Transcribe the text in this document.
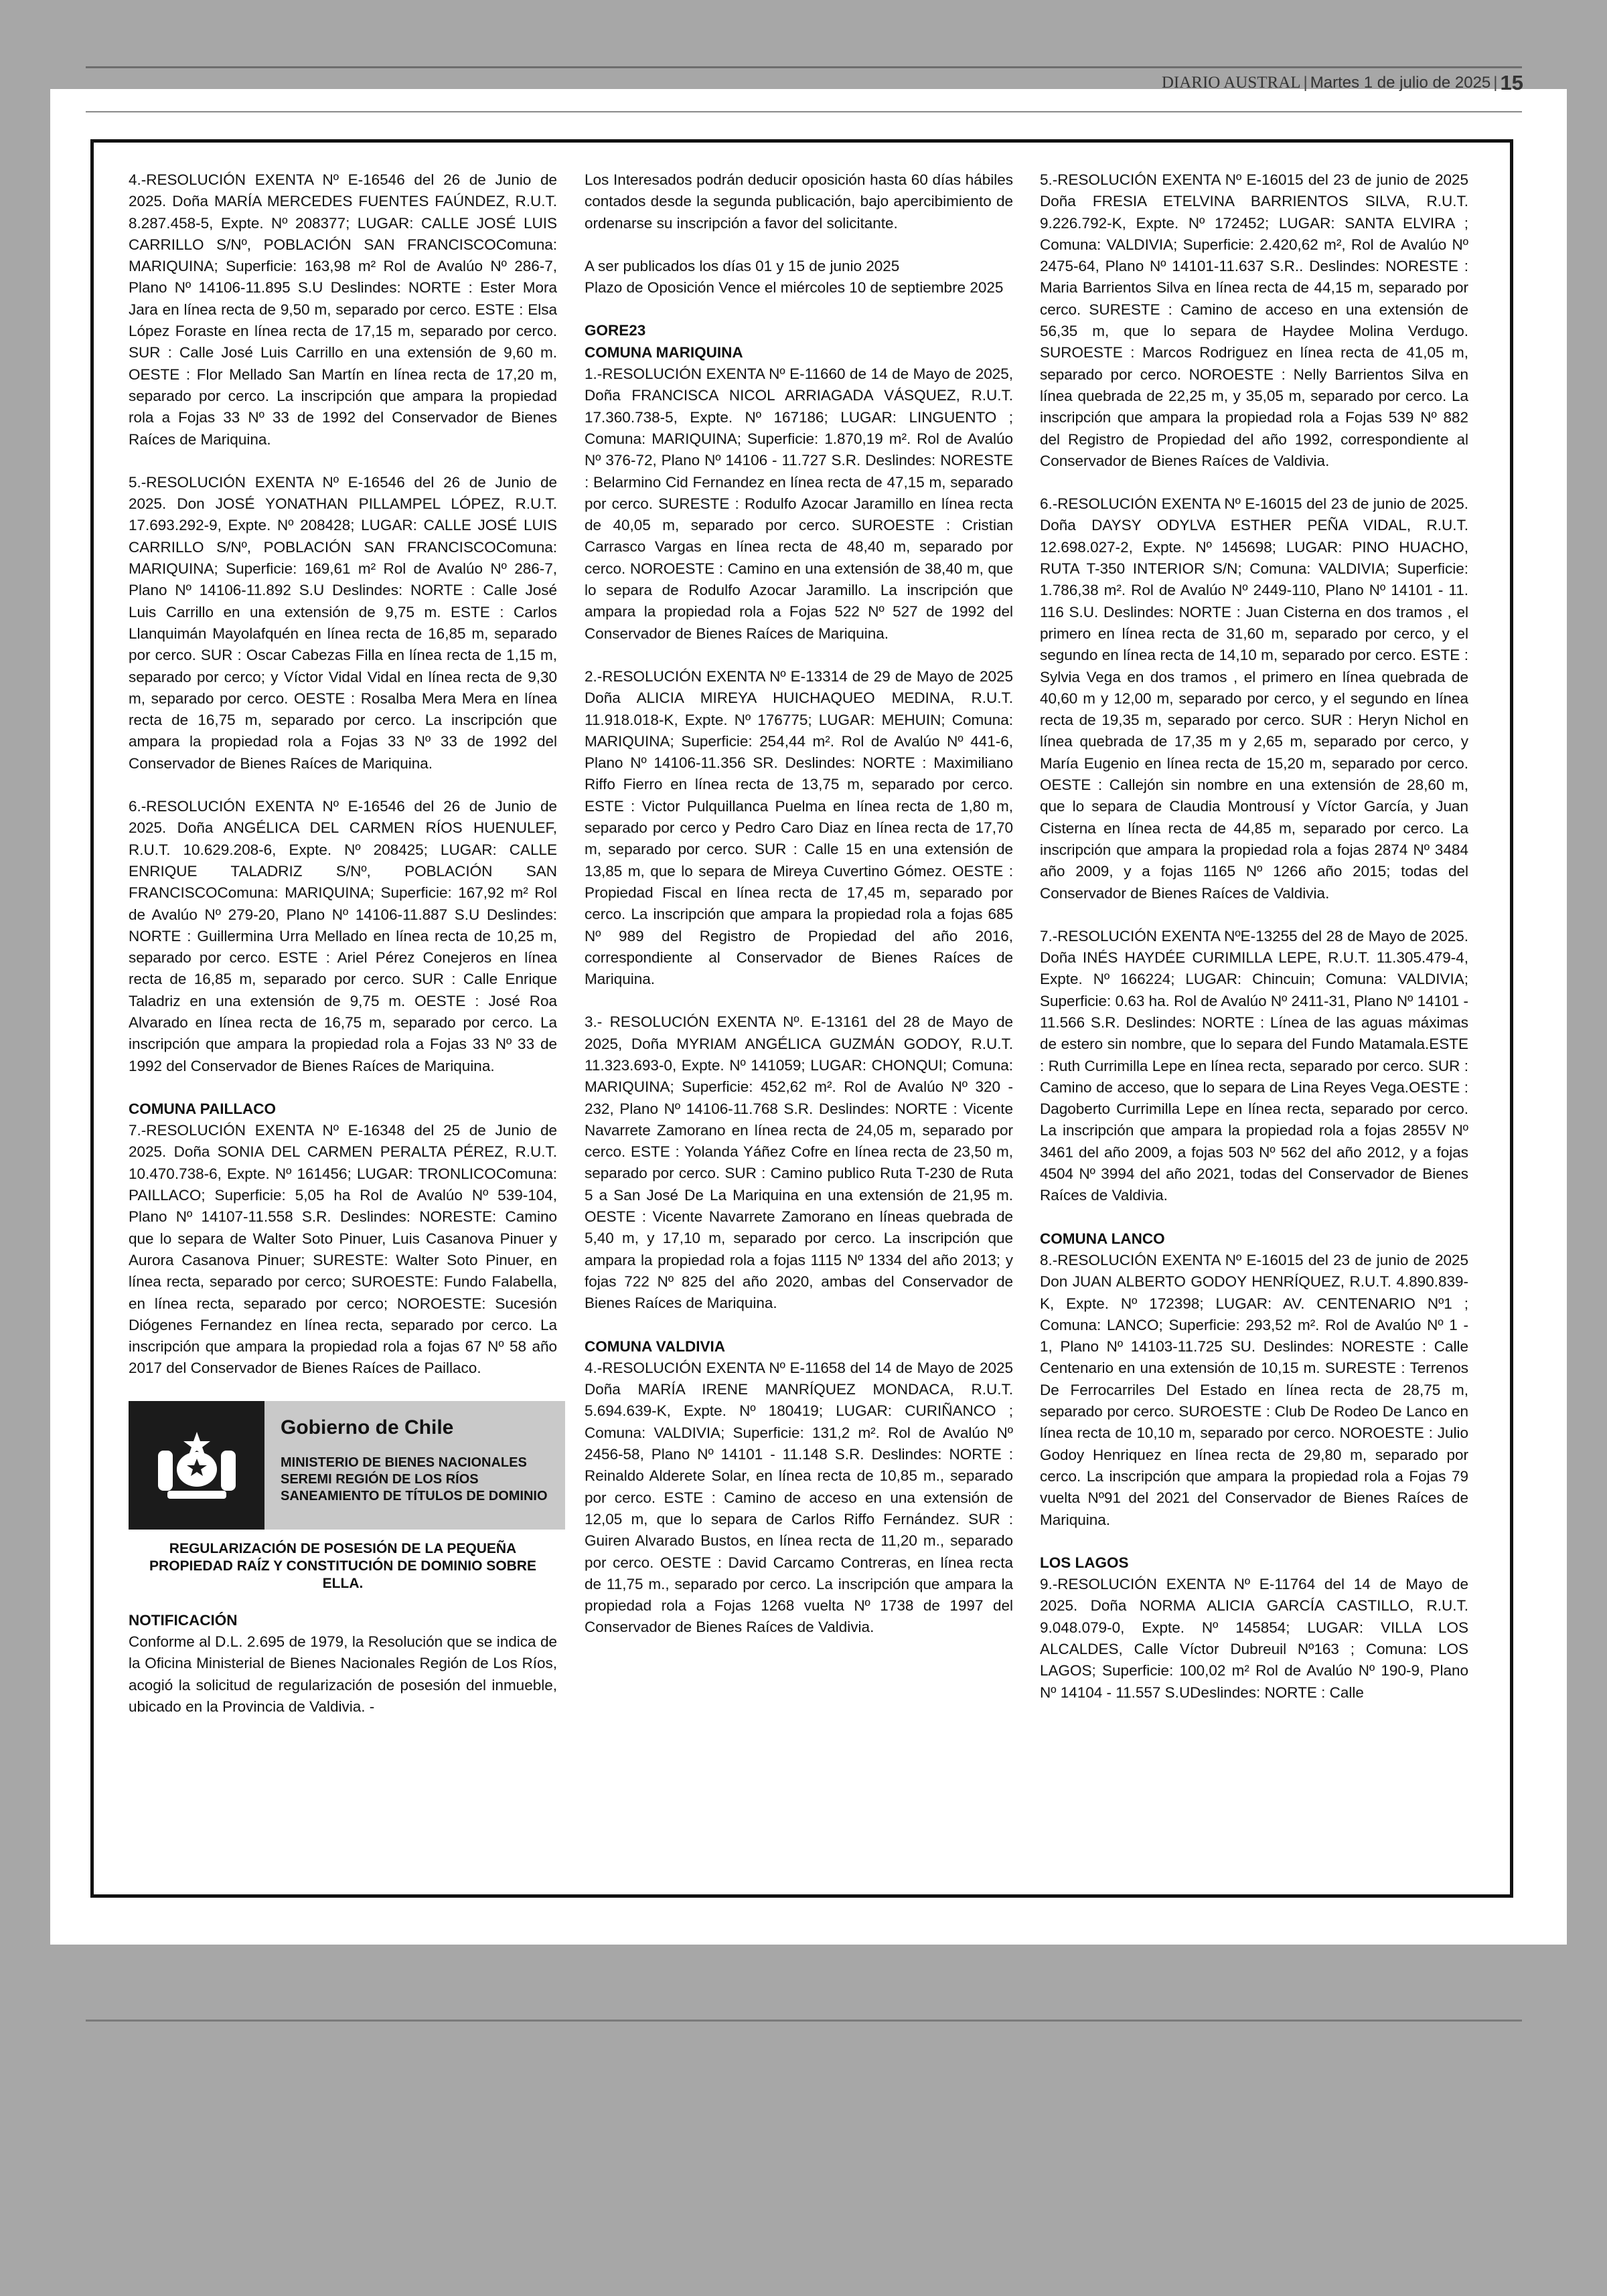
DIARIO AUSTRAL | Martes 1 de julio de 2025 | 15

4.-RESOLUCIÓN EXENTA Nº E-16546 del 26 de Junio de 2025. Doña MARÍA MERCEDES FUENTES FAÚNDEZ, R.U.T. 8.287.458-5, Expte. Nº 208377; LUGAR: CALLE JOSÉ LUIS CARRILLO S/Nº, POBLACIÓN SAN FRANCISCOComuna: MARIQUINA; Superficie: 163,98 m² Rol de Avalúo Nº 286-7, Plano Nº 14106-11.895 S.U Deslindes: NORTE : Ester Mora Jara en línea recta de 9,50 m, separado por cerco. ESTE : Elsa López Foraste en línea recta de 17,15 m, separado por cerco. SUR : Calle José Luis Carrillo en una extensión de 9,60 m. OESTE : Flor Mellado San Martín en línea recta de 17,20 m, separado por cerco. La inscripción que ampara la propiedad rola a Fojas 33 Nº 33 de 1992 del Conservador de Bienes Raíces de Mariquina.

5.-RESOLUCIÓN EXENTA Nº E-16546 del 26 de Junio de 2025. Don JOSÉ YONATHAN PILLAMPEL LÓPEZ, R.U.T. 17.693.292-9, Expte. Nº 208428; LUGAR: CALLE JOSÉ LUIS CARRILLO S/Nº, POBLACIÓN SAN FRANCISCOComuna: MARIQUINA; Superficie: 169,61 m² Rol de Avalúo Nº 286-7, Plano Nº 14106-11.892 S.U Deslindes: NORTE : Calle José Luis Carrillo en una extensión de 9,75 m. ESTE : Carlos Llanquimán Mayolafquén en línea recta de 16,85 m, separado por cerco. SUR : Oscar Cabezas Filla en línea recta de 1,15 m, separado por cerco; y Víctor Vidal Vidal en línea recta de 9,30 m, separado por cerco. OESTE : Rosalba Mera Mera en línea recta de 16,75 m, separado por cerco. La inscripción que ampara la propiedad rola a Fojas 33 Nº 33 de 1992 del Conservador de Bienes Raíces de Mariquina.

6.-RESOLUCIÓN EXENTA Nº E-16546 del 26 de Junio de 2025. Doña ANGÉLICA DEL CARMEN RÍOS HUENULEF, R.U.T. 10.629.208-6, Expte. Nº 208425; LUGAR: CALLE ENRIQUE TALADRIZ S/Nº, POBLACIÓN SAN FRANCISCOComuna: MARIQUINA; Superficie: 167,92 m² Rol de Avalúo Nº 279-20, Plano Nº 14106-11.887 S.U Deslindes: NORTE : Guillermina Urra Mellado en línea recta de 10,25 m, separado por cerco. ESTE : Ariel Pérez Conejeros en línea recta de 16,85 m, separado por cerco. SUR : Calle Enrique Taladriz en una extensión de 9,75 m. OESTE : José Roa Alvarado en línea recta de 16,75 m, separado por cerco. La inscripción que ampara la propiedad rola a Fojas 33 Nº 33 de 1992 del Conservador de Bienes Raíces de Mariquina.

COMUNA PAILLACO

7.-RESOLUCIÓN EXENTA Nº E-16348 del 25 de Junio de 2025. Doña SONIA DEL CARMEN PERALTA PÉREZ, R.U.T. 10.470.738-6, Expte. Nº 161456; LUGAR: TRONLICOComuna: PAILLACO; Superficie: 5,05 ha Rol de Avalúo Nº 539-104, Plano Nº 14107-11.558 S.R. Deslindes: NORESTE: Camino que lo separa de Walter Soto Pinuer, Luis Casanova Pinuer y Aurora Casanova Pinuer; SURESTE: Walter Soto Pinuer, en línea recta, separado por cerco; SUROESTE: Fundo Falabella, en línea recta, separado por cerco; NOROESTE: Sucesión Diógenes Fernandez en línea recta, separado por cerco. La inscripción que ampara la propiedad rola a fojas 67 Nº 58 año 2017 del Conservador de Bienes Raíces de Paillaco.

Gobierno de Chile
MINISTERIO DE BIENES NACIONALES
SEREMI REGIÓN DE LOS RÍOS
SANEAMIENTO DE TÍTULOS DE DOMINIO
REGULARIZACIÓN DE POSESIÓN DE LA PEQUEÑA PROPIEDAD RAÍZ Y CONSTITUCIÓN DE DOMINIO SOBRE ELLA.
NOTIFICACIÓN

Conforme al D.L. 2.695 de 1979, la Resolución que se indica de la Oficina Ministerial de Bienes Nacionales Región de Los Ríos, acogió la solicitud de regularización de posesión del inmueble, ubicado en la Provincia de Valdivia. -

Los Interesados podrán deducir oposición hasta 60 días hábiles contados desde la segunda publicación, bajo apercibimiento de ordenarse su inscripción a favor del solicitante.

A ser publicados los días 01 y 15 de junio 2025

Plazo de Oposición Vence el miércoles 10 de septiembre 2025

GORE23

COMUNA MARIQUINA

1.-RESOLUCIÓN EXENTA Nº E-11660 de 14 de Mayo de 2025, Doña FRANCISCA NICOL ARRIAGADA VÁSQUEZ, R.U.T. 17.360.738-5, Expte. Nº 167186; LUGAR: LINGUENTO ; Comuna: MARIQUINA; Superficie: 1.870,19 m². Rol de Avalúo Nº 376-72, Plano Nº 14106 - 11.727 S.R. Deslindes: NORESTE : Belarmino Cid Fernandez en línea recta de 47,15 m, separado por cerco. SURESTE : Rodulfo Azocar Jaramillo en línea recta de 40,05 m, separado por cerco. SUROESTE : Cristian Carrasco Vargas en línea recta de 48,40 m, separado por cerco. NOROESTE : Camino en una extensión de 38,40 m, que lo separa de Rodulfo Azocar Jaramillo. La inscripción que ampara la propiedad rola a Fojas 522 Nº 527 de 1992 del Conservador de Bienes Raíces de Mariquina.

2.-RESOLUCIÓN EXENTA Nº E-13314 de 29 de Mayo de 2025 Doña ALICIA MIREYA HUICHAQUEO MEDINA, R.U.T. 11.918.018-K, Expte. Nº 176775; LUGAR: MEHUIN; Comuna: MARIQUINA; Superficie: 254,44 m². Rol de Avalúo Nº 441-6, Plano Nº 14106-11.356 SR. Deslindes: NORTE : Maximiliano Riffo Fierro en línea recta de 13,75 m, separado por cerco. ESTE : Victor Pulquillanca Puelma en línea recta de 1,80 m, separado por cerco y Pedro Caro Diaz en línea recta de 17,70 m, separado por cerco. SUR : Calle 15 en una extensión de 13,85 m, que lo separa de Mireya Cuvertino Gómez. OESTE : Propiedad Fiscal en línea recta de 17,45 m, separado por cerco. La inscripción que ampara la propiedad rola a fojas 685 Nº 989 del Registro de Propiedad del año 2016, correspondiente al Conservador de Bienes Raíces de Mariquina.

3.- RESOLUCIÓN EXENTA Nº. E-13161 del 28 de Mayo de 2025, Doña MYRIAM ANGÉLICA GUZMÁN GODOY, R.U.T. 11.323.693-0, Expte. Nº 141059; LUGAR: CHONQUI; Comuna: MARIQUINA; Superficie: 452,62 m². Rol de Avalúo Nº 320 - 232, Plano Nº 14106-11.768 S.R. Deslindes: NORTE : Vicente Navarrete Zamorano en línea recta de 24,05 m, separado por cerco. ESTE : Yolanda Yáñez Cofre en línea recta de 23,50 m, separado por cerco. SUR : Camino publico Ruta T-230 de Ruta 5 a San José De La Mariquina en una extensión de 21,95 m. OESTE : Vicente Navarrete Zamorano en líneas quebrada de 5,40 m, y 17,10 m, separado por cerco. La inscripción que ampara la propiedad rola a fojas 1115 Nº 1334 del año 2013; y fojas 722 Nº 825 del año 2020, ambas del Conservador de Bienes Raíces de Mariquina.

COMUNA VALDIVIA

4.-RESOLUCIÓN EXENTA Nº E-11658 del 14 de Mayo de 2025 Doña MARÍA IRENE MANRÍQUEZ MONDACA, R.U.T. 5.694.639-K, Expte. Nº 180419; LUGAR: CURIÑANCO ; Comuna: VALDIVIA; Superficie: 131,2 m². Rol de Avalúo Nº 2456-58, Plano Nº 14101 - 11.148 S.R. Deslindes: NORTE : Reinaldo Alderete Solar, en línea recta de 10,85 m., separado por cerco. ESTE : Camino de acceso en una extensión de 12,05 m, que lo separa de Carlos Riffo Fernández. SUR : Guiren Alvarado Bustos, en línea recta de 11,20 m., separado por cerco. OESTE : David Carcamo Contreras, en línea recta de 11,75 m., separado por cerco. La inscripción que ampara la propiedad rola a Fojas 1268 vuelta Nº 1738 de 1997 del Conservador de Bienes Raíces de Valdivia.

5.-RESOLUCIÓN EXENTA Nº E-16015 del 23 de junio de 2025 Doña FRESIA ETELVINA BARRIENTOS SILVA, R.U.T. 9.226.792-K, Expte. Nº 172452; LUGAR: SANTA ELVIRA ; Comuna: VALDIVIA; Superficie: 2.420,62 m², Rol de Avalúo Nº 2475-64, Plano Nº 14101-11.637 S.R.. Deslindes: NORESTE : Maria Barrientos Silva en línea recta de 44,15 m, separado por cerco. SURESTE : Camino de acceso en una extensión de 56,35 m, que lo separa de Haydee Molina Verdugo. SUROESTE : Marcos Rodriguez en línea recta de 41,05 m, separado por cerco. NOROESTE : Nelly Barrientos Silva en línea quebrada de 22,25 m, y 35,05 m, separado por cerco. La inscripción que ampara la propiedad rola a Fojas 539 Nº 882 del Registro de Propiedad del año 1992, correspondiente al Conservador de Bienes Raíces de Valdivia.

6.-RESOLUCIÓN EXENTA Nº E-16015 del 23 de junio de 2025. Doña DAYSY ODYLVA ESTHER PEÑA VIDAL, R.U.T. 12.698.027-2, Expte. Nº 145698; LUGAR: PINO HUACHO, RUTA T-350 INTERIOR S/N; Comuna: VALDIVIA; Superficie: 1.786,38 m². Rol de Avalúo Nº 2449-110, Plano Nº 14101 - 11. 116 S.U. Deslindes: NORTE : Juan Cisterna en dos tramos , el primero en línea recta de 31,60 m, separado por cerco, y el segundo en línea recta de 14,10 m, separado por cerco. ESTE : Sylvia Vega en dos tramos , el primero en línea quebrada de 40,60 m y 12,00 m, separado por cerco, y el segundo en línea recta de 19,35 m, separado por cerco. SUR : Heryn Nichol en línea quebrada de 17,35 m y 2,65 m, separado por cerco, y María Eugenio en línea recta de 15,20 m, separado por cerco. OESTE : Callejón sin nombre en una extensión de 28,60 m, que lo separa de Claudia Montrousí y Víctor García, y Juan Cisterna en línea recta de 44,85 m, separado por cerco. La inscripción que ampara la propiedad rola a fojas 2874 Nº 3484 año 2009, y a fojas 1165 Nº 1266 año 2015; todas del Conservador de Bienes Raíces de Valdivia.

7.-RESOLUCIÓN EXENTA NºE-13255 del 28 de Mayo de 2025. Doña INÉS HAYDÉE CURIMILLA LEPE, R.U.T. 11.305.479-4, Expte. Nº 166224; LUGAR: Chincuin; Comuna: VALDIVIA; Superficie: 0.63 ha. Rol de Avalúo Nº 2411-31, Plano Nº 14101 - 11.566 S.R. Deslindes: NORTE : Línea de las aguas máximas de estero sin nombre, que lo separa del Fundo Matamala.ESTE : Ruth Currimilla Lepe en línea recta, separado por cerco. SUR : Camino de acceso, que lo separa de Lina Reyes Vega.OESTE : Dagoberto Currimilla Lepe en línea recta, separado por cerco. La inscripción que ampara la propiedad rola a fojas 2855V Nº 3461 del año 2009, a fojas 503 Nº 562 del año 2012, y a fojas 4504 Nº 3994 del año 2021, todas del Conservador de Bienes Raíces de Valdivia.

COMUNA LANCO

8.-RESOLUCIÓN EXENTA Nº E-16015 del 23 de junio de 2025 Don JUAN ALBERTO GODOY HENRÍQUEZ, R.U.T. 4.890.839-K, Expte. Nº 172398; LUGAR: AV. CENTENARIO Nº1 ; Comuna: LANCO; Superficie: 293,52 m². Rol de Avalúo Nº 1 - 1, Plano Nº 14103-11.725 SU. Deslindes: NORESTE : Calle Centenario en una extensión de 10,15 m. SURESTE : Terrenos De Ferrocarriles Del Estado en línea recta de 28,75 m, separado por cerco. SUROESTE : Club De Rodeo De Lanco en línea recta de 10,10 m, separado por cerco. NOROESTE : Julio Godoy Henriquez en línea recta de 29,80 m, separado por cerco. La inscripción que ampara la propiedad rola a Fojas 79 vuelta Nº91 del 2021 del Conservador de Bienes Raíces de Mariquina.

LOS LAGOS

9.-RESOLUCIÓN EXENTA Nº E-11764 del 14 de Mayo de 2025. Doña NORMA ALICIA GARCÍA CASTILLO, R.U.T. 9.048.079-0, Expte. Nº 145854; LUGAR: VILLA LOS ALCALDES, Calle Víctor Dubreuil Nº163 ; Comuna: LOS LAGOS; Superficie: 100,02 m² Rol de Avalúo Nº 190-9, Plano Nº 14104 - 11.557 S.UDeslindes: NORTE : Calle
